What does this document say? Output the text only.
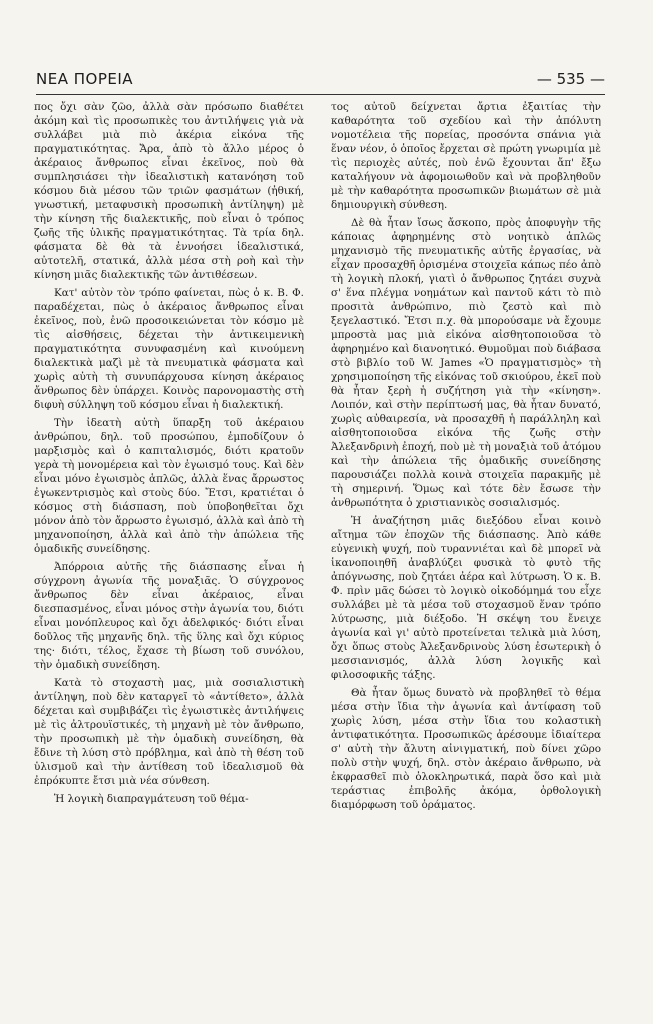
ΝΕΑ ΠΟΡΕΙΑ	— 535 —

πος ὄχι σὰν ζῶο, ἀλλὰ σὰν πρόσωπο διαθέτει ἀκόμη καὶ τὶς προσωπικὲς του ἀντιλήψεις γιὰ νὰ συλλάβει μιὰ πιὸ ἀκέρια εἰκόνα τῆς πραγματικότητας. Ἄρα, ἀπὸ τὸ ἄλλο μέρος ὁ ἀκέραιος ἄνθρωπος εἶναι ἐκεῖνος, ποὺ θὰ συμπλησιάσει τὴν ἰδεαλιστικὴ κατανόηση τοῦ κόσμου διὰ μέσου τῶν τριῶν φασμάτων (ἠθική, γνωστική, μεταφυσικὴ προσωπικὴ ἀντίληψη) μὲ τὴν κίνηση τῆς διαλεκτικῆς, ποὺ εἶναι ὁ τρόπος ζωῆς τῆς ὑλικῆς πραγματικότητας. Τὰ τρία δηλ. φάσματα δὲ θὰ τὰ ἐννοήσει ἰδεαλιστικά, αὐτοτελῆ, στατικά, ἀλλὰ μέσα στὴ ροὴ καὶ τὴν κίνηση μιᾶς διαλεκτικῆς τῶν ἀντιθέσεων.

Κατ' αὐτὸν τὸν τρόπο φαίνεται, πὼς ὁ κ. Β. Φ. παραδέχεται, πὼς ὁ ἀκέραιος ἄνθρωπος εἶναι ἐκεῖνος, ποὺ, ἐνῶ προσοικειώνεται τὸν κόσμο μὲ τὶς αἰσθήσεις, δέχεται τὴν ἀντικειμενικὴ πραγματικότητα συνυφασμένη καὶ κινούμενη διαλεκτικὰ μαζὶ μὲ τὰ πνευματικὰ φάσματα καὶ χωρὶς αὐτὴ τὴ συνυπάρχουσα κίνηση ἀκέραιος ἄνθρωπος δὲν ὑπάρχει. Κοινὸς παρονομαστὴς στὴ διφυὴ σύλληψη τοῦ κόσμου εἶναι ἡ διαλεκτική.

Τὴν ἰδεατὴ αὐτὴ ὕπαρξη τοῦ ἀκέραιου ἀνθρώπου, δηλ. τοῦ προσώπου, ἐμποδίζουν ὁ μαρξισμὸς καὶ ὁ καπιταλισμός, διότι κρατοῦν γερὰ τὴ μονομέρεια καὶ τὸν ἐγωισμό τους. Καὶ δὲν εἶναι μόνο ἐγωισμὸς ἁπλῶς, ἀλλὰ ἕνας ἄρρωστος ἐγωκεντρισμὸς καὶ στοὺς δύο. Ἔτσι, κρατιέται ὁ κόσμος στὴ διάσπαση, ποὺ ὑποβοηθεῖται ὄχι μόνον ἀπὸ τὸν ἄρρωστο ἐγωισμό, ἀλλὰ καὶ ἀπὸ τὴ μηχανοποίηση, ἀλλὰ καὶ ἀπὸ τὴν ἀπώλεια τῆς ὁμαδικῆς συνείδησης.

Ἀπόρροια αὐτῆς τῆς διάσπασης εἶναι ἡ σύγχρονη ἀγωνία τῆς μοναξιᾶς. Ὁ σύγχρονος ἄνθρωπος δὲν εἶναι ἀκέραιος, εἶναι διεσπασμένος, εἶναι μόνος στὴν ἀγωνία του, διότι εἶναι μονόπλευρος καὶ ὄχι ἀδελφικός· διότι εἶναι δοῦλος τῆς μηχανῆς δηλ. τῆς ὕλης καὶ ὄχι κύριος της· διότι, τέλος, ἔχασε τὴ βίωση τοῦ συνόλου, τὴν ὁμαδικὴ συνείδηση.

Κατὰ τὸ στοχαστὴ μας, μιὰ σοσιαλιστικὴ ἀντίληψη, ποὺ δὲν καταργεῖ τὸ «ἀντίθετο», ἀλλὰ δέχεται καὶ συμβιβάζει τὶς ἐγωιστικὲς ἀντιλήψεις μὲ τὶς ἀλτρουϊστικές, τὴ μηχανὴ μὲ τὸν ἄνθρωπο, τὴν προσωπικὴ μὲ τὴν ὁμαδικὴ συνείδηση, θὰ ἔδινε τὴ λύση στὸ πρόβλημα, καὶ ἀπὸ τὴ θέση τοῦ ὑλισμοῦ καὶ τὴν ἀντίθεση τοῦ ἰδεαλισμοῦ θὰ ἐπρόκυπτε ἔτσι μιὰ νέα σύνθεση.

Ἡ λογικὴ διαπραγμάτευση τοῦ θέμα-

τος αὐτοῦ δείχνεται ἄρτια ἐξαιτίας τὴν καθαρότητα τοῦ σχεδίου καὶ τὴν ἀπόλυτη νομοτέλεια τῆς πορείας, προσόντα σπάνια γιὰ ἕναν νέον, ὁ ὁποῖος ἔρχεται σὲ πρώτη γνωριμία μὲ τὶς περιοχὲς αὐτές, ποὺ ἐνῶ ἔχουνται ἄπ' ἔξω καταλήγουν νὰ ἀφομοιωθοῦν καὶ νὰ προβληθοῦν μὲ τὴν καθαρότητα προσωπικῶν βιωμάτων σὲ μιὰ δημιουργικὴ σύνθεση.

Δὲ θὰ ἦταν ἴσως ἄσκοπο, πρὸς ἀποφυγὴν τῆς κάποιας ἀφηρημένης στὸ νοητικὸ ἁπλῶς μηχανισμὸ τῆς πνευματικῆς αὐτῆς ἐργασίας, νὰ εἶχαν προσαχθῆ ὁρισμένα στοιχεῖα κάπως πέο ἀπὸ τὴ λογικὴ πλοκή, γιατὶ ὁ ἄνθρωπος ζητάει συχνὰ σ' ἕνα πλέγμα νοημάτων καὶ παντοῦ κάτι τὸ πιὸ προσιτὰ ἀνθρώπινο, πιὸ ζεστὸ καὶ πιὸ ξεγελαστικό. Ἔτσι π.χ. θὰ μπορούσαμε νὰ ἔχουμε μπροστὰ μας μιὰ εἰκόνα αἰσθητοποιοῦσα τὸ ἀφηρημένο καὶ διανοητικό. Θυμοῦμαι ποὺ διάβασα στὸ βιβλίο τοῦ W. James «Ὁ πραγματισμὸς» τὴ χρησιμοποίηση τῆς εἰκόνας τοῦ σκιούρου, ἐκεῖ ποὺ θὰ ἦταν ξερὴ ἡ συζήτηση γιὰ τὴν «κίνηση». Λοιπόν, καὶ στὴν περίπτωσή μας, θὰ ἦταν δυνατό, χωρὶς αὐθαιρεσία, νὰ προσαχθῆ ἡ παράλληλη καὶ αἰσθητοποιοῦσα εἰκόνα τῆς ζωῆς στὴν Ἀλεξανδρινὴ ἐποχή, ποὺ μὲ τὴ μοναξιὰ τοῦ ἀτόμου καὶ τὴν ἀπώλεια τῆς ὁμαδικῆς συνείδησης παρουσιάζει πολλὰ κοινὰ στοιχεῖα παρακμῆς μὲ τὴ σημερινή. Ὅμως καὶ τότε δὲν ἔσωσε τὴν ἀνθρωπότητα ὁ χριστιανικὸς σοσιαλισμός.

Ἡ ἀναζήτηση μιᾶς διεξόδου εἶναι κοινὸ αἴτημα τῶν ἐποχῶν τῆς διάσπασης. Ἀπὸ κάθε εὐγενικὴ ψυχή, ποὺ τυραννιέται καὶ δὲ μπορεῖ νὰ ἱκανοποιηθῆ ἀναβλύζει φυσικὰ τὸ φυτὸ τῆς ἀπόγνωσης, ποὺ ζητάει ἀέρα καὶ λύτρωση. Ὁ κ. Β. Φ. πρὶν μᾶς δώσει τὸ λογικὸ οἰκοδόμημά του εἶχε συλλάβει μὲ τὰ μέσα τοῦ στοχασμοῦ ἕναν τρόπο λύτρωσης, μιὰ διέξοδο. Ἡ σκέψη του ἔνειχε ἀγωνία καὶ γι' αὐτὸ προτείνεται τελικὰ μιὰ λύση, ὄχι ὅπως στοὺς Ἀλεξανδρινοὺς λύση ἐσωτερικὴ ὁ μεσσιανισμός, ἀλλὰ λύση λογικῆς καὶ φιλοσοφικῆς τάξης.

Θὰ ἦταν ὅμως δυνατὸ νὰ προβληθεῖ τὸ θέμα μέσα στὴν ἴδια τὴν ἀγωνία καὶ ἀντίφαση τοῦ χωρὶς λύση, μέσα στὴν ἴδια του κολαστικὴ ἀντιφατικότητα. Προσωπικῶς ἀρέσουμε ἰδιαίτερα σ' αὐτὴ τὴν ἄλυτη αἰνιγματική, ποὺ δίνει χῶρο πολὺ στὴν ψυχή, δηλ. στὸν ἀκέραιο ἄνθρωπο, νὰ ἐκφρασθεῖ πιὸ ὁλοκληρωτικά, παρὰ ὅσο καὶ μιὰ τεράστιας ἐπιβολῆς ἀκόμα, ὀρθολογικὴ διαμόρφωση τοῦ ὁράματος.
